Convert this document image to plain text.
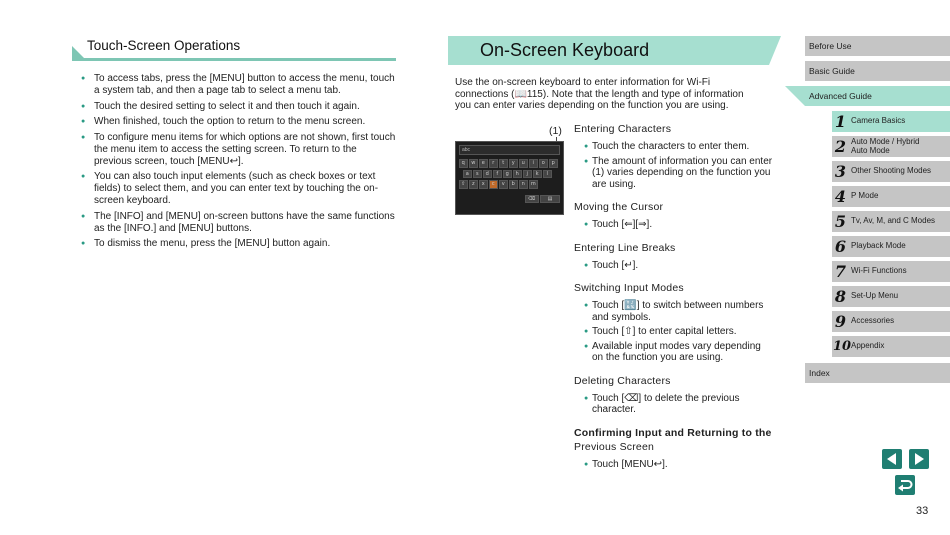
Touch-Screen Operations
● To access tabs, press the [MENU] button to access the menu, touch a system tab, and then a page tab to select a menu tab.
● Touch the desired setting to select it and then touch it again.
● When finished, touch the option to return to the menu screen.
● To configure menu items for which options are not shown, first touch the menu item to access the setting screen. To return to the previous screen, touch [MENU↩].
● You can also touch input elements (such as check boxes or text fields) to select them, and you can enter text by touching the on-screen keyboard.
● The [INFO] and [MENU] on-screen buttons have the same functions as the [INFO.] and [MENU] buttons.
● To dismiss the menu, press the [MENU] button again.
On-Screen Keyboard
Use the on-screen keyboard to enter information for Wi-Fi connections (📖115). Note that the length and type of information you can enter varies depending on the function you are using.
(1)
abc
q	w	e	r	t	y	u	i	o	p
a	s	d	f	g	h	j	k	l
⇧	z	x	c	v	b	n	m
⌫	▤
Entering Characters
● Touch the characters to enter them.
● The amount of information you can enter (1) varies depending on the function you are using.
Moving the Cursor
● Touch [⇐][⇒].
Entering Line Breaks
● Touch [↵].
Switching Input Modes
● Touch [🔣] to switch between numbers and symbols.
● Touch [⇧] to enter capital letters.
● Available input modes vary depending on the function you are using.
Deleting Characters
● Touch [⌫] to delete the previous character.
Confirming Input and Returning to the
Previous Screen
● Touch [MENU↩].
Before Use
Basic Guide
Advanced Guide
1 Camera Basics
2 Auto Mode / Hybrid Auto Mode
3 Other Shooting Modes
4 P Mode
5 Tv, Av, M, and C Modes
6 Playback Mode
7 Wi-Fi Functions
8 Set-Up Menu
9 Accessories
10 Appendix
Index
33
